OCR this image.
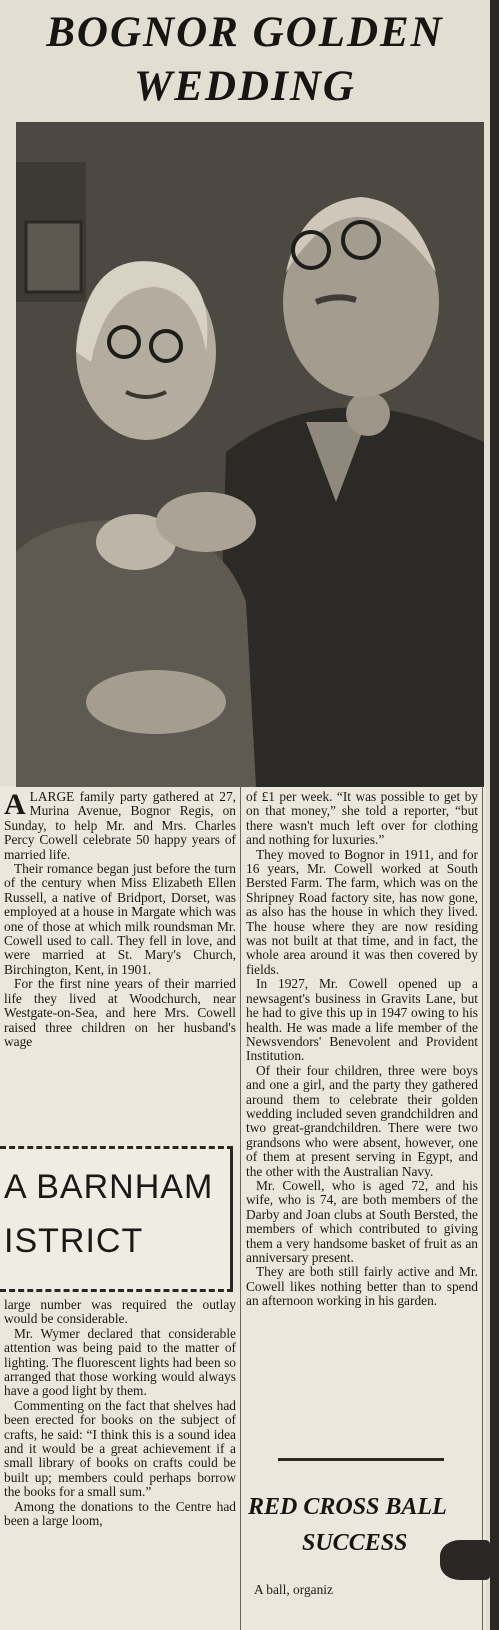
BOGNOR GOLDEN
WEDDING

ALARGE family party gathered at 27, Murina Avenue, Bognor Regis, on Sunday, to help Mr. and Mrs. Charles Percy Cowell celebrate 50 happy years of married life.

Their romance began just before the turn of the century when Miss Elizabeth Ellen Russell, a native of Bridport, Dorset, was employed at a house in Margate which was one of those at which milk roundsman Mr. Cowell used to call. They fell in love, and were married at St. Mary's Church, Birchington, Kent, in 1901.

For the first nine years of their married life they lived at Woodchurch, near Westgate-on-Sea, and here Mrs. Cowell raised three children on her husband's wage

A BARNHAM
ISTRICT

large number was required the outlay would be considerable.

Mr. Wymer declared that considerable attention was being paid to the matter of lighting. The fluorescent lights had been so arranged that those working would always have a good light by them.

Commenting on the fact that shelves had been erected for books on the subject of crafts, he said: “I think this is a sound idea and it would be a great achievement if a small library of books on crafts could be built up; members could perhaps borrow the books for a small sum.”

Among the donations to the Centre had been a large loom,

of £1 per week. “It was possible to get by on that money,” she told a reporter, “but there wasn't much left over for clothing and nothing for luxuries.”

They moved to Bognor in 1911, and for 16 years, Mr. Cowell worked at South Bersted Farm. The farm, which was on the Shripney Road factory site, has now gone, as also has the house in which they lived. The house where they are now residing was not built at that time, and in fact, the whole area around it was then covered by fields.

In 1927, Mr. Cowell opened up a newsagent's business in Gravits Lane, but he had to give this up in 1947 owing to his health. He was made a life member of the Newsvendors' Benevolent and Provident Institution.

Of their four children, three were boys and one a girl, and the party they gathered around them to celebrate their golden wedding included seven grandchildren and two great-grandchildren. There were two grandsons who were absent, however, one of them at present serving in Egypt, and the other with the Australian Navy.

Mr. Cowell, who is aged 72, and his wife, who is 74, are both members of the Darby and Joan clubs at South Bersted, the members of which contributed to giving them a very handsome basket of fruit as an anniversary present.

They are both still fairly active and Mr. Cowell likes nothing better than to spend an afternoon working in his garden.

RED CROSS BALL
SUCCESS
A ball, organiz
